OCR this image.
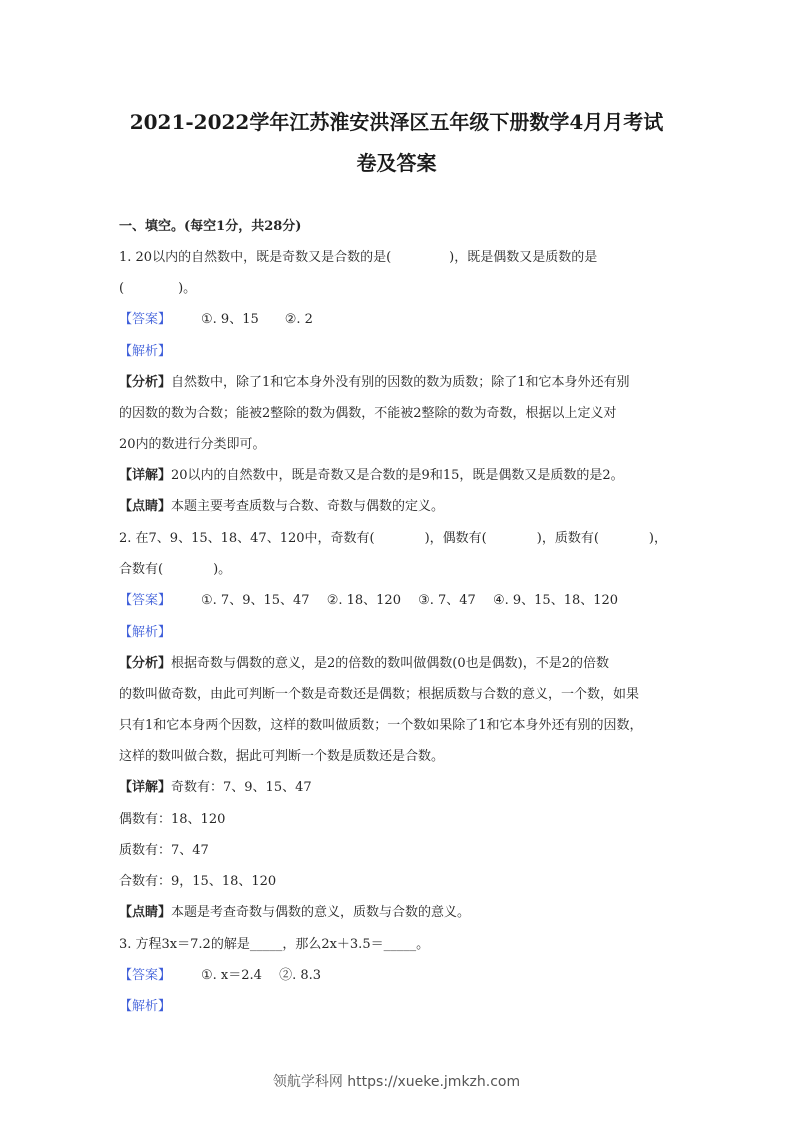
2021-2022学年江苏淮安洪泽区五年级下册数学4月月考试
卷及答案
一、填空。(每空1分，共28分)
1. 20以内的自然数中，既是奇数又是合数的是(	)，既是偶数又是质数的是
(	)。
【答案】 ①. 9、15　　②. 2
【解析】
【分析】自然数中，除了1和它本身外没有别的因数的数为质数；除了1和它本身外还有别
的因数的数为合数；能被2整除的数为偶数，不能被2整除的数为奇数，根据以上定义对
20内的数进行分类即可。
【详解】20以内的自然数中，既是奇数又是合数的是9和15，既是偶数又是质数的是2。
【点睛】本题主要考查质数与合数、奇数与偶数的定义。
2. 在7、9、15、18、47、120中，奇数有(	)，偶数有(	)，质数有(	)，
合数有(	)。
【答案】 ①. 7、9、15、47　 ②. 18、120　 ③. 7、47　 ④. 9、15、18、120
【解析】
【分析】根据奇数与偶数的意义，是2的倍数的数叫做偶数(0也是偶数)，不是2的倍数
的数叫做奇数，由此可判断一个数是奇数还是偶数；根据质数与合数的意义，一个数，如果
只有1和它本身两个因数，这样的数叫做质数；一个数如果除了1和它本身外还有别的因数，
这样的数叫做合数，据此可判断一个数是质数还是合数。
【详解】奇数有：7、9、15、47
偶数有：18、120
质数有：7、47
合数有：9，15、18、120
【点睛】本题是考查奇数与偶数的意义，质数与合数的意义。
3. 方程3x＝7.2的解是_____，那么2x＋3.5＝_____。
【答案】 ①. x＝2.4　 ②. 8.3
【解析】
领航学科网 https://xueke.jmkzh.com
